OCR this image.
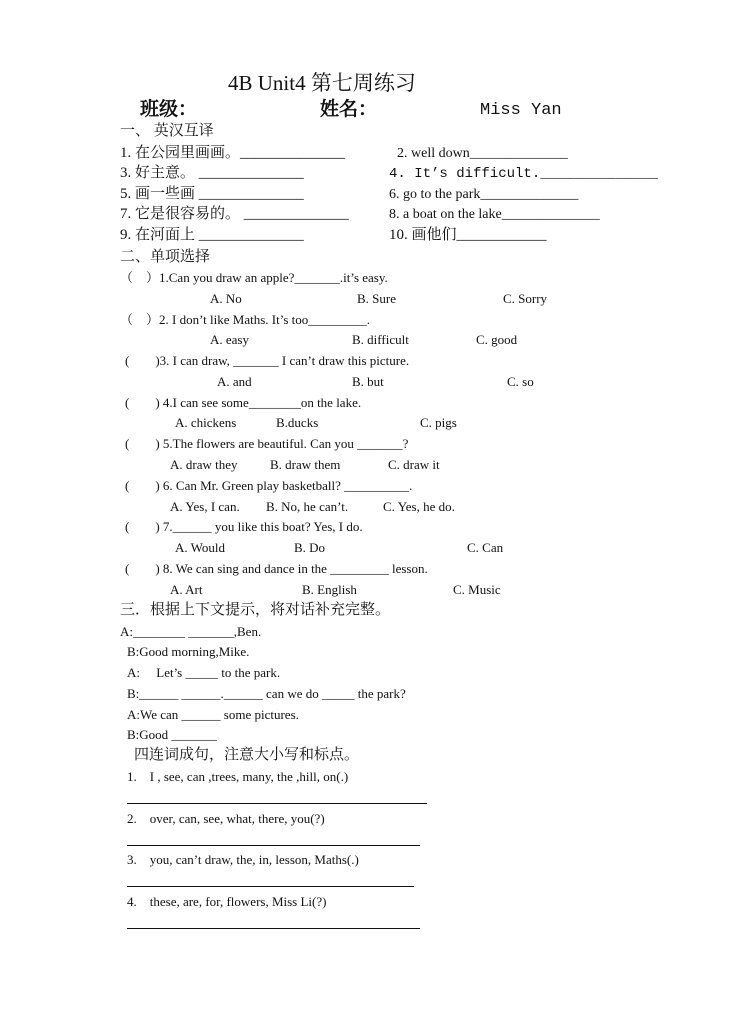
4B Unit4 第七周练习
班级：	姓名：	Miss Yan
一、 英汉互译
1. 在公园里画画。______________	2. well down______________
3. 好主意。 ______________	4. It’s difficult.______________
5. 画一些画 ______________	6. go to the park______________
7. 它是很容易的。 ______________	8. a boat on the lake______________
9. 在河面上 ______________	10. 画他们____________
二、单项选择
（　）1.Can you draw an apple?_______.it’s easy.
A. No	B. Sure	C. Sorry
（　）2. I don’t like Maths. It’s too_________.
A. easy	B. difficult	C. good
(　　)3. I can draw, _______ I can’t draw this picture.
A. and	B. but	C. so
(　　) 4.I can see some________on the lake.
A. chickens	B.ducks	C. pigs
(　　) 5.The flowers are beautiful. Can you _______?
A. draw they B. draw them	C. draw it
(　　) 6. Can Mr. Green play basketball? __________.
A. Yes, I can. B. No, he can’t.	C. Yes, he do.
(　　) 7.______ you like this boat? Yes, I do.
A. Would	B. Do	C. Can
(　　) 8. We can sing and dance in the _________ lesson.
A. Art	B. English	C. Music
三．根据上下文提示，将对话补充完整。
A:________ _______,Ben.
B:Good morning,Mike.
A:　 Let’s _____ to the park.
B:______ ______.______ can we do _____ the park?
A:We can ______ some pictures.
B:Good _______
四连词成句，注意大小写和标点。
1.　I , see, can ,trees, many, the ,hill, on(.)
2.　over, can, see, what, there, you(?)
3.　you, can’t draw, the, in, lesson, Maths(.)
4.　these, are, for, flowers, Miss Li(?)
